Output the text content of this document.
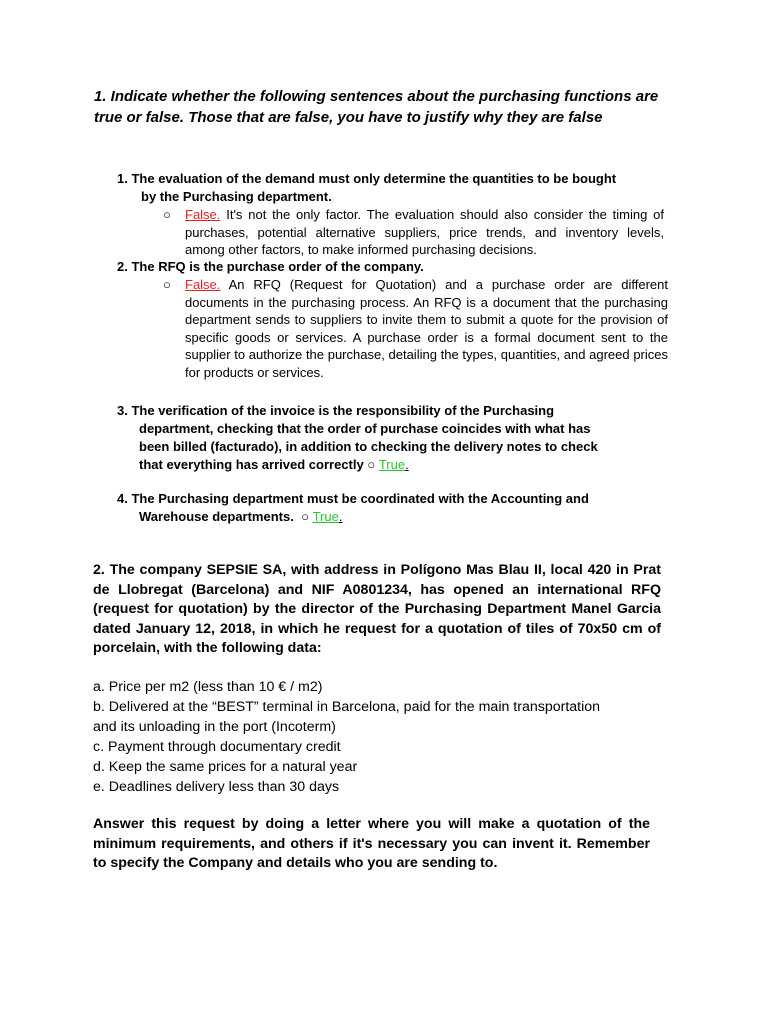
1. Indicate whether the following sentences about the purchasing functions are true or false. Those that are false, you have to justify why they are false
1. The evaluation of the demand must only determine the quantities to be bought
by the Purchasing department.
○ False. It's not the only factor. The evaluation should also consider the timing of purchases, potential alternative suppliers, price trends, and inventory levels, among other factors, to make informed purchasing decisions.
2. The RFQ is the purchase order of the company.
○ False. An RFQ (Request for Quotation) and a purchase order are different documents in the purchasing process. An RFQ is a document that the purchasing department sends to suppliers to invite them to submit a quote for the provision of specific goods or services. A purchase order is a formal document sent to the supplier to authorize the purchase, detailing the types, quantities, and agreed prices for products or services.
3. The verification of the invoice is the responsibility of the Purchasing
department, checking that the order of purchase coincides with what has
been billed (facturado), in addition to checking the delivery notes to check
that everything has arrived correctly ○ True.
4. The Purchasing department must be coordinated with the Accounting and
Warehouse departments. ○ True.
2. The company SEPSIE SA, with address in Polígono Mas Blau II, local 420 in Prat de Llobregat (Barcelona) and NIF A0801234, has opened an international RFQ (request for quotation) by the director of the Purchasing Department Manel Garcia dated January 12, 2018, in which he request for a quotation of tiles of 70x50 cm of porcelain, with the following data:
a. Price per m2 (less than 10 € / m2)
b. Delivered at the “BEST” terminal in Barcelona, paid for the main transportation
and its unloading in the port (Incoterm)
c. Payment through documentary credit
d. Keep the same prices for a natural year
e. Deadlines delivery less than 30 days
Answer this request by doing a letter where you will make a quotation of the minimum requirements, and others if it's necessary you can invent it. Remember to specify the Company and details who you are sending to.
